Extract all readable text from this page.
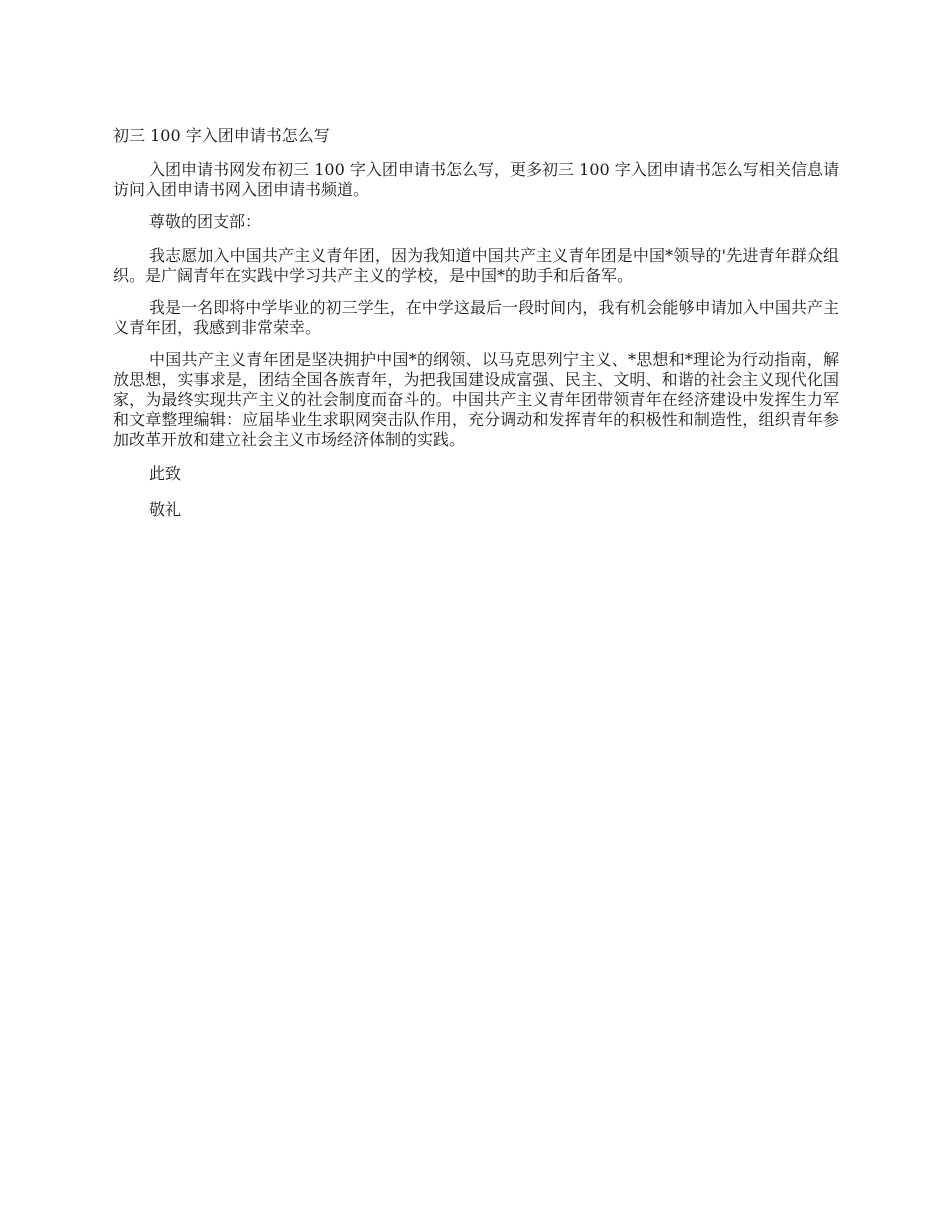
初三 100 字入团申请书怎么写

入团申请书网发布初三 100 字入团申请书怎么写，更多初三 100 字入团申请书怎么写相关信息请访问入团申请书网入团申请书频道。

尊敬的团支部：

我志愿加入中国共产主义青年团，因为我知道中国共产主义青年团是中国*领导的'先进青年群众组织。是广阔青年在实践中学习共产主义的学校，是中国*的助手和后备军。

我是一名即将中学毕业的初三学生，在中学这最后一段时间内，我有机会能够申请加入中国共产主义青年团，我感到非常荣幸。

中国共产主义青年团是坚决拥护中国*的纲领、以马克思列宁主义、*思想和*理论为行动指南，解放思想，实事求是，团结全国各族青年，为把我国建设成富强、民主、文明、和谐的社会主义现代化国家，为最终实现共产主义的社会制度而奋斗的。中国共产主义青年团带领青年在经济建设中发挥生力军和文章整理编辑：应届毕业生求职网突击队作用，充分调动和发挥青年的积极性和制造性，组织青年参加改革开放和建立社会主义市场经济体制的实践。

此致
敬礼
